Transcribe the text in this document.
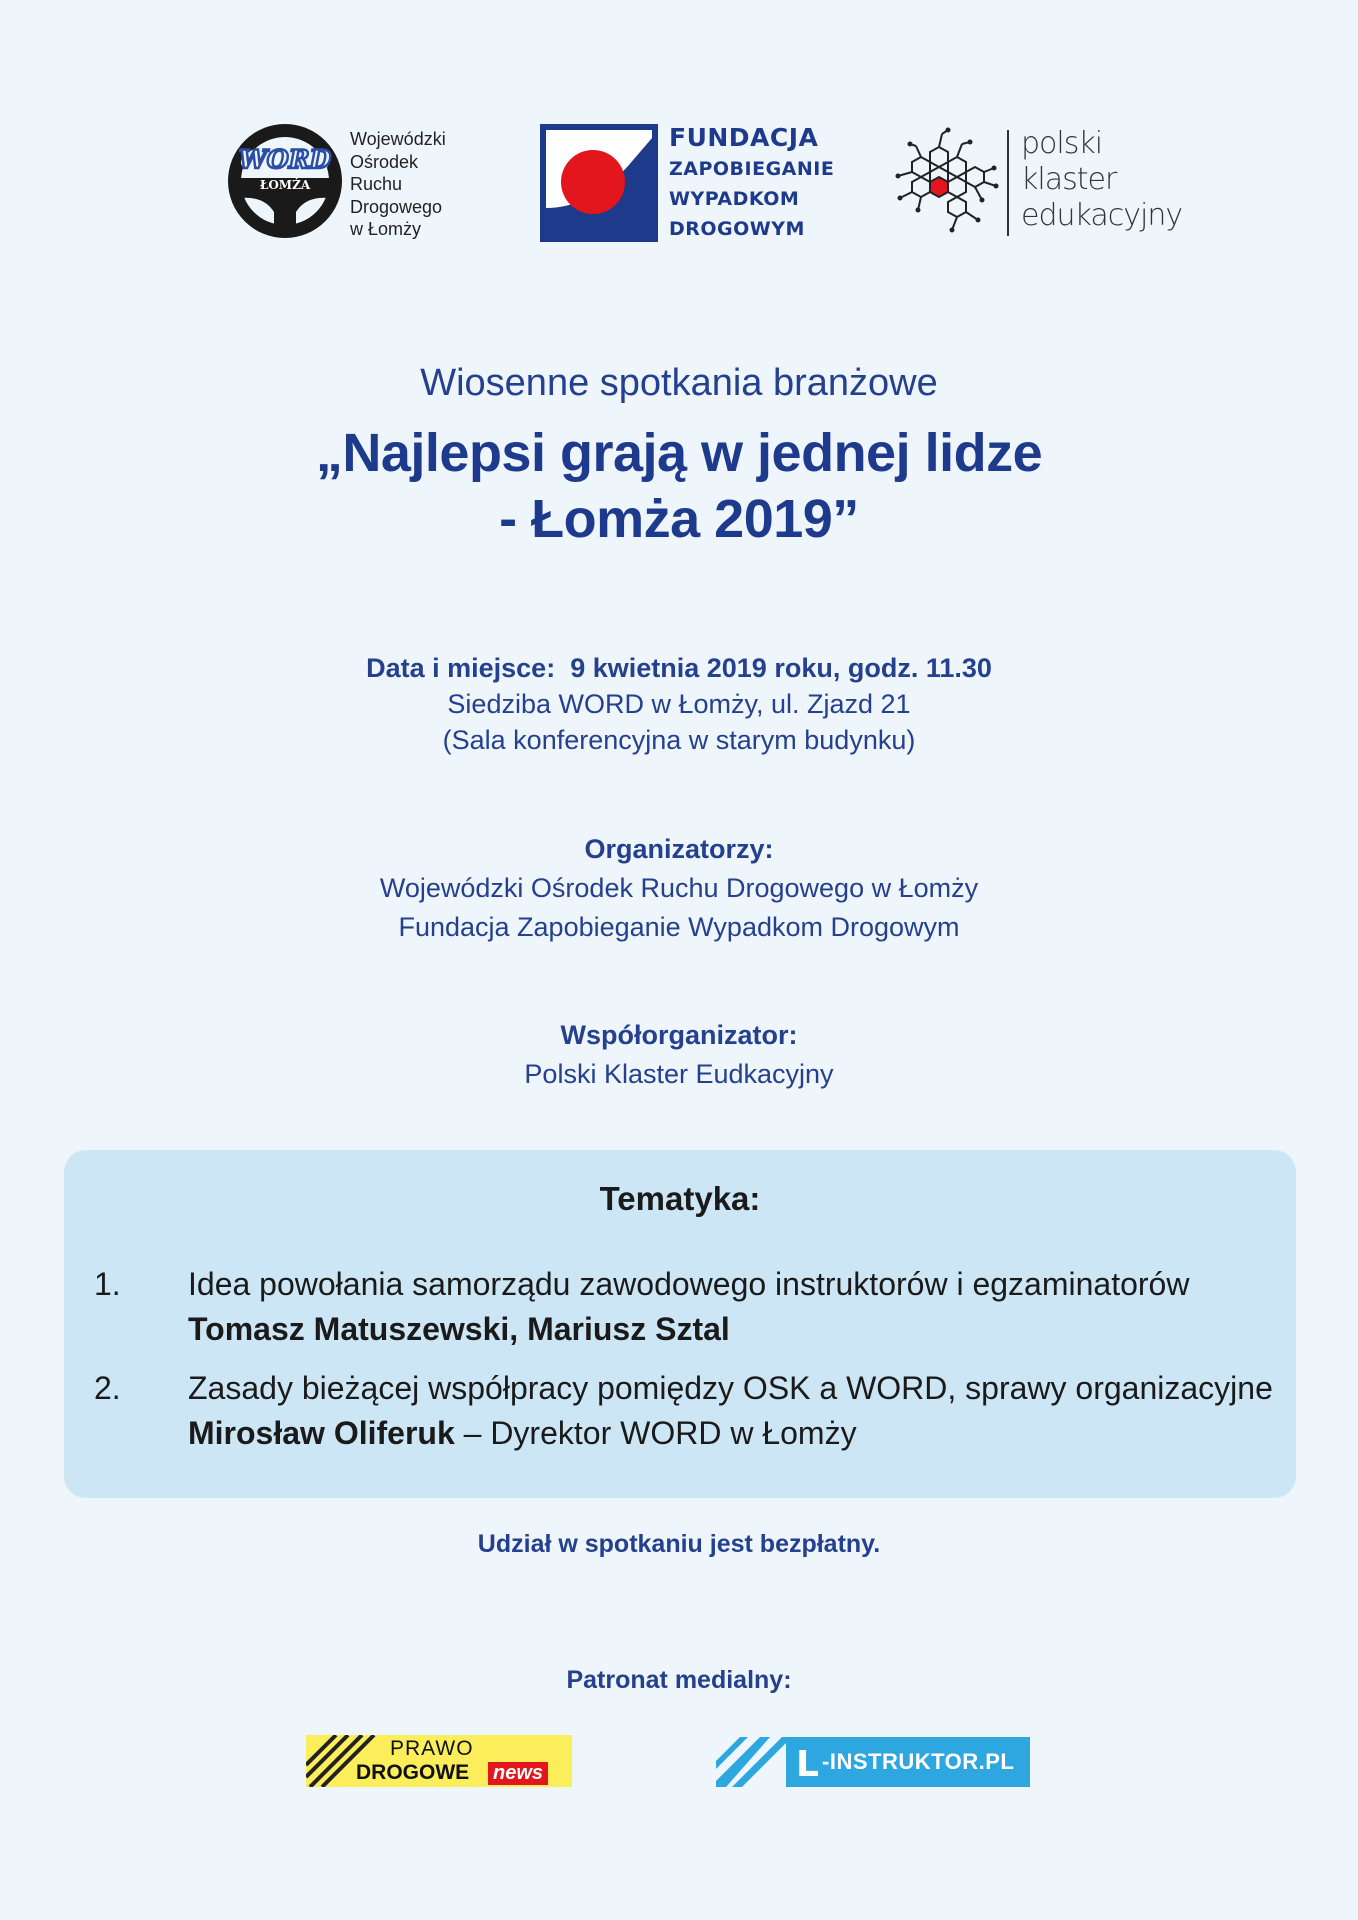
WORD
ŁOMŻA
Wojewódzki
Ośrodek
Ruchu
Drogowego
w Łomży
FUNDACJA
ZAPOBIEGANIE
WYPADKOM
DROGOWYM
polski
klaster
edukacyjny
Wiosenne spotkania branżowe
„Najlepsi grają w jednej lidze
- Łomża 2019”
Data i miejsce: 9 kwietnia 2019 roku, godz. 11.30
Siedziba WORD w Łomży, ul. Zjazd 21
(Sala konferencyjna w starym budynku)
Organizatorzy:
Wojewódzki Ośrodek Ruchu Drogowego w Łomży
Fundacja Zapobieganie Wypadkom Drogowym
Współorganizator:
Polski Klaster Eudkacyjny
Tematyka:
1.	Idea powołania samorządu zawodowego instruktorów i egzaminatorów
Tomasz Matuszewski, Mariusz Sztal
2.	Zasady bieżącej współpracy pomiędzy OSK a WORD, sprawy organizacyjne
Mirosław Oliferuk – Dyrektor WORD w Łomży
Udział w spotkaniu jest bezpłatny.
Patronat medialny:
PRAWO
DROGOWE news	L -INSTRUKTOR.PL
